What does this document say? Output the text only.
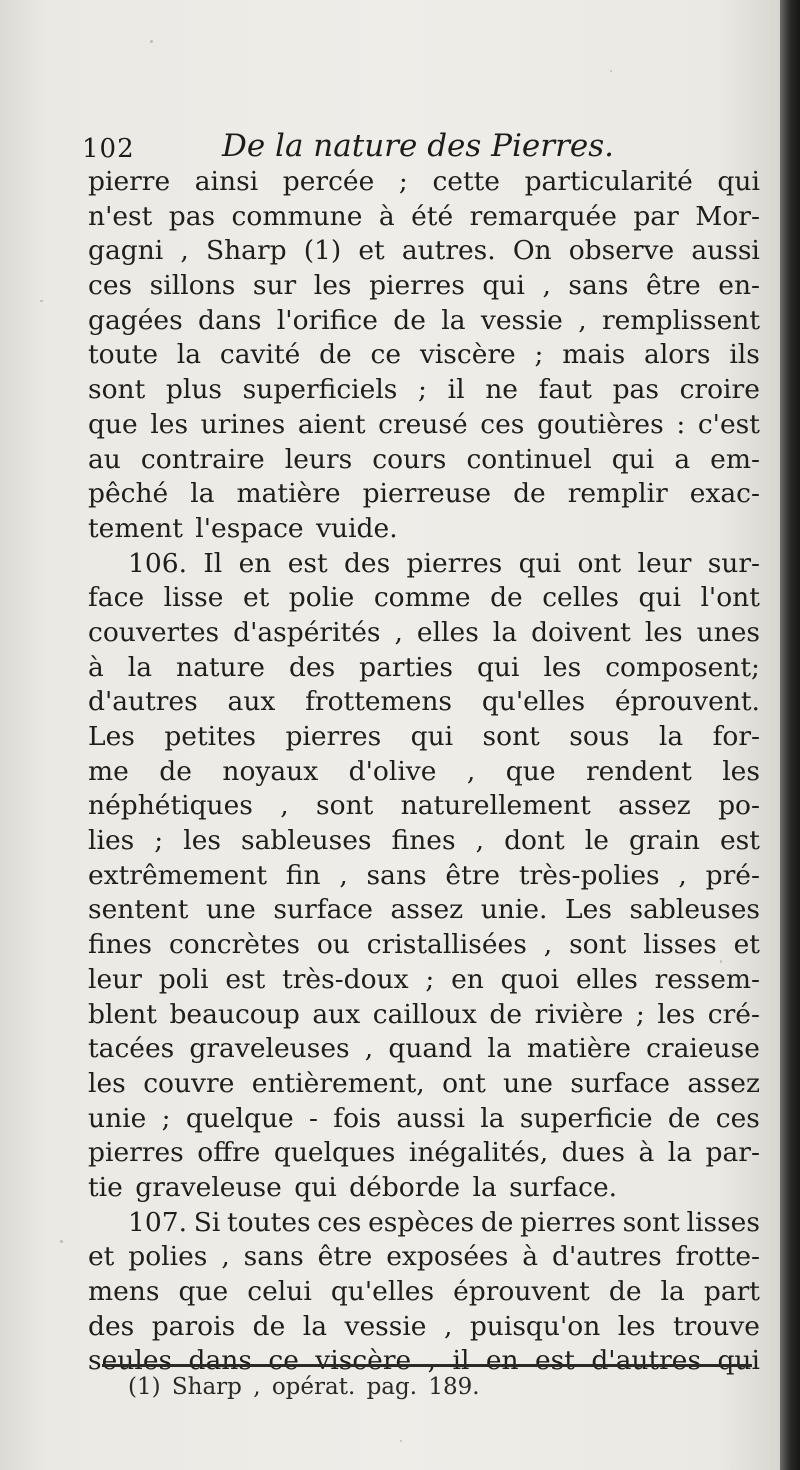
102	De la nature des Pierres.
pierre ainsi percée ; cette particularité qui
n'est pas commune à été remarquée par Mor-
gagni , Sharp (1) et autres. On observe aussi
ces sillons sur les pierres qui , sans être en-
gagées dans l'orifice de la vessie , remplissent
toute la cavité de ce viscère ; mais alors ils
sont plus superficiels ; il ne faut pas croire
que les urines aient creusé ces goutières : c'est
au contraire leurs cours continuel qui a em-
pêché la matière pierreuse de remplir exac-
tement l'espace vuide.
106. Il en est des pierres qui ont leur sur-
face lisse et polie comme de celles qui l'ont
couvertes d'aspérités , elles la doivent les unes
à la nature des parties qui les composent;
d'autres aux frottemens qu'elles éprouvent.
Les petites pierres qui sont sous la for-
me de noyaux d'olive , que rendent les
néphétiques , sont naturellement assez po-
lies ; les sableuses fines , dont le grain est
extrêmement fin , sans être très-polies , pré-
sentent une surface assez unie. Les sableuses
fines concrètes ou cristallisées , sont lisses et
leur poli est très-doux ; en quoi elles ressem-
blent beaucoup aux cailloux de rivière ; les cré-
tacées graveleuses , quand la matière craieuse
les couvre entièrement, ont une surface assez
unie ; quelque - fois aussi la superficie de ces
pierres offre quelques inégalités, dues à la par-
tie graveleuse qui déborde la surface.
107. Si toutes ces espèces de pierres sont lisses
et polies , sans être exposées à d'autres frotte-
mens que celui qu'elles éprouvent de la part
des parois de la vessie , puisqu'on les trouve
seules dans ce viscère , il en est d'autres qui
(1) Sharp , opérat. pag. 189.
